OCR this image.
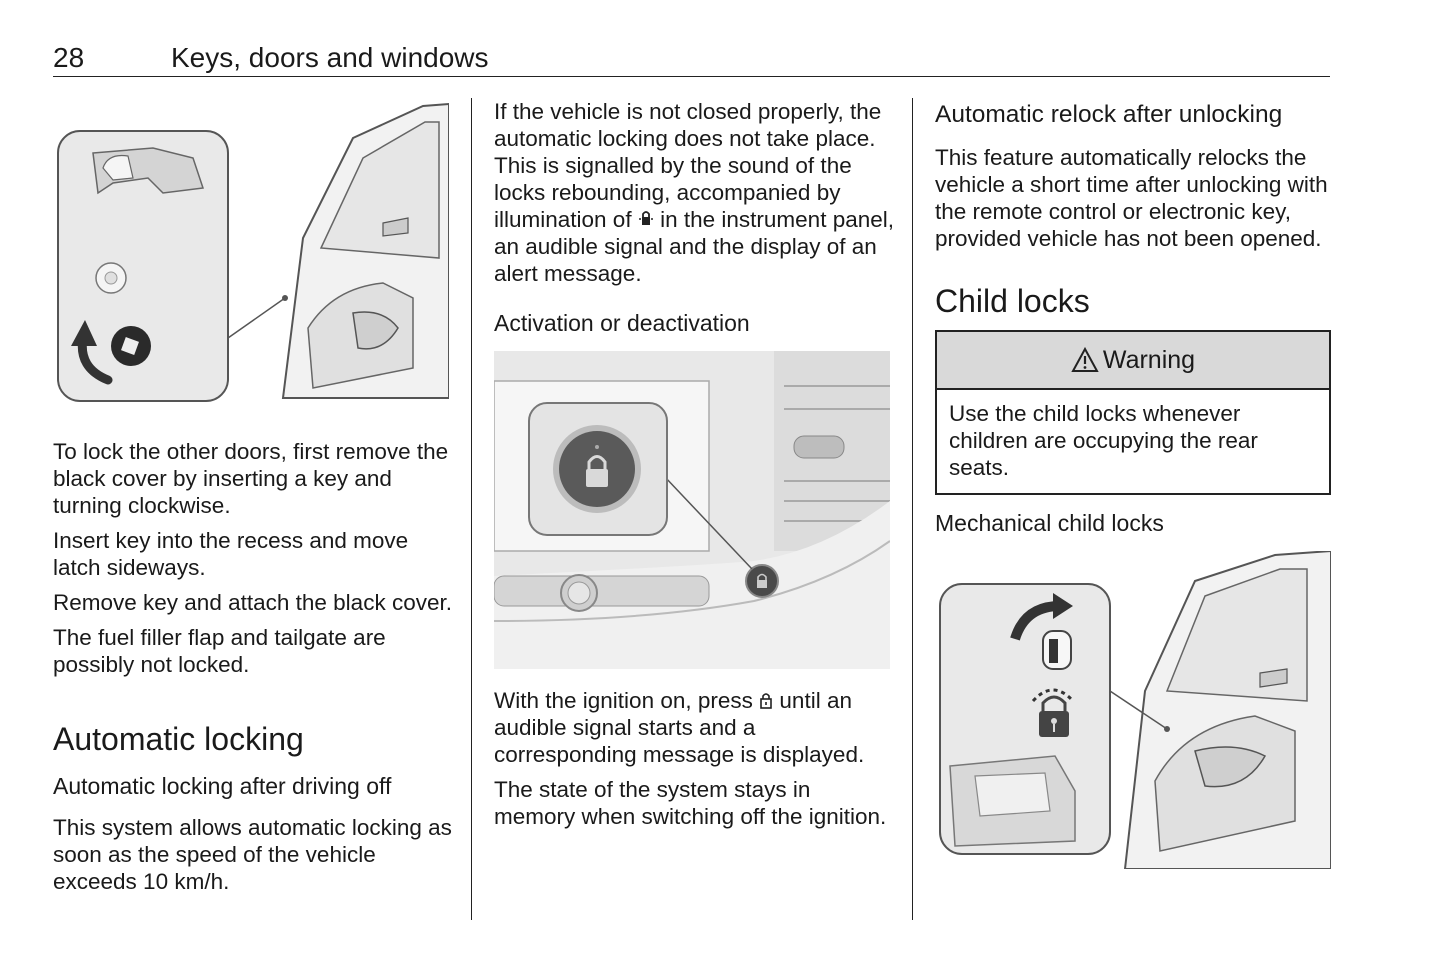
28	Keys, doors and windows

To lock the other doors, first remove the black cover by inserting a key and turning clockwise.

Insert key into the recess and move latch sideways.

Remove key and attach the black cover.

The fuel filler flap and tailgate are possibly not locked.

Automatic locking
Automatic locking after driving off

This system allows automatic locking as soon as the speed of the vehicle exceeds 10 km/h.

If the vehicle is not closed properly, the automatic locking does not take place. This is signalled by the sound of the locks rebounding, accompanied by illumination of in the instrument panel, an audible signal and the display of an alert message.

Activation or deactivation

With the ignition on, press until an audible signal starts and a corresponding message is displayed.

The state of the system stays in memory when switching off the ignition.

Automatic relock after unlocking

This feature automatically relocks the vehicle a short time after unlocking with the remote control or electronic key, provided vehicle has not been opened.

Child locks
Warning

Use the child locks whenever children are occupying the rear seats.

Mechanical child locks
